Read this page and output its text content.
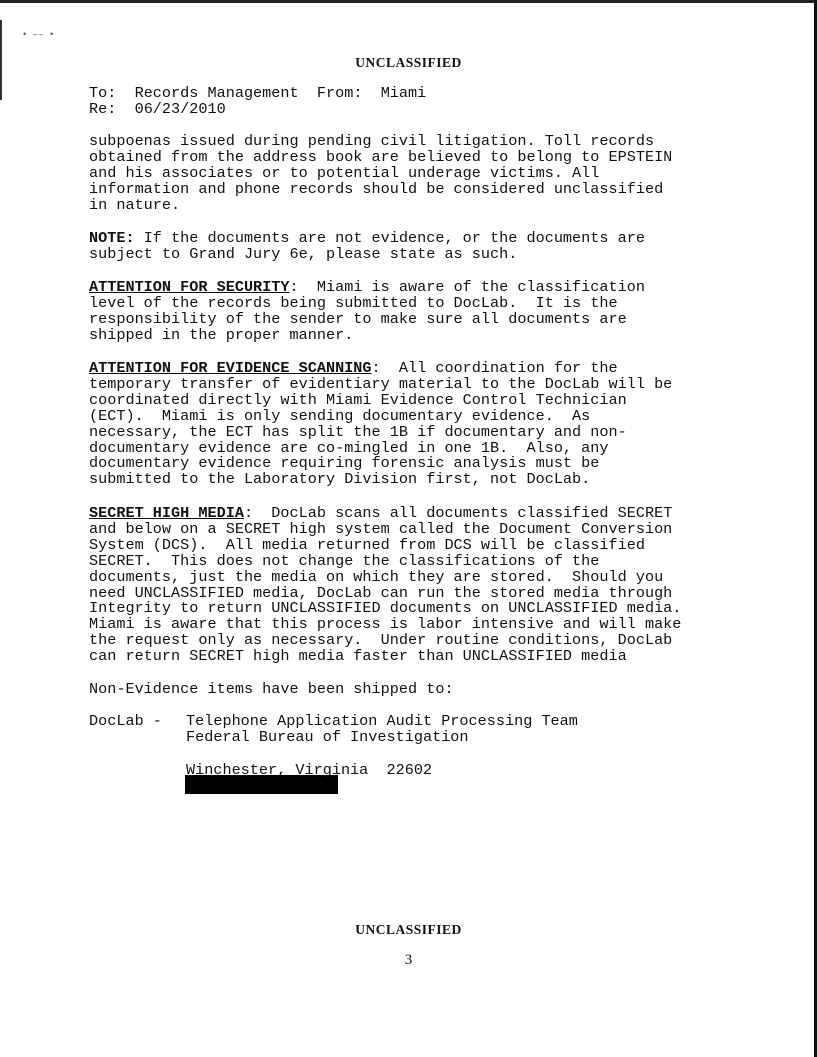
• –– •
UNCLASSIFIED
To: Records Management From: Miami
Re: 06/23/2010
subpoenas issued during pending civil litigation. Toll records
obtained from the address book are believed to belong to EPSTEIN
and his associates or to potential underage victims. All
information and phone records should be considered unclassified
in nature.
NOTE: If the documents are not evidence, or the documents are
subject to Grand Jury 6e, please state as such.
ATTENTION FOR SECURITY:  Miami is aware of the classification
level of the records being submitted to DocLab.  It is the
responsibility of the sender to make sure all documents are
shipped in the proper manner.
ATTENTION FOR EVIDENCE SCANNING:  All coordination for the
temporary transfer of evidentiary material to the DocLab will be
coordinated directly with Miami Evidence Control Technician
(ECT).  Miami is only sending documentary evidence.  As
necessary, the ECT has split the 1B if documentary and non-
documentary evidence are co-mingled in one 1B.  Also, any
documentary evidence requiring forensic analysis must be
submitted to the Laboratory Division first, not DocLab.
SECRET HIGH MEDIA:  DocLab scans all documents classified SECRET
and below on a SECRET high system called the Document Conversion
System (DCS).  All media returned from DCS will be classified
SECRET.  This does not change the classifications of the
documents, just the media on which they are stored.  Should you
need UNCLASSIFIED media, DocLab can run the stored media through
Integrity to return UNCLASSIFIED documents on UNCLASSIFIED media.
Miami is aware that this process is labor intensive and will make
the request only as necessary.  Under routine conditions, DocLab
can return SECRET high media faster than UNCLASSIFIED media
Non-Evidence items have been shipped to:
DocLab - Telephone Application Audit Processing Team
Federal Bureau of Investigation
Winchester, Virginia  22602
UNCLASSIFIED
3
